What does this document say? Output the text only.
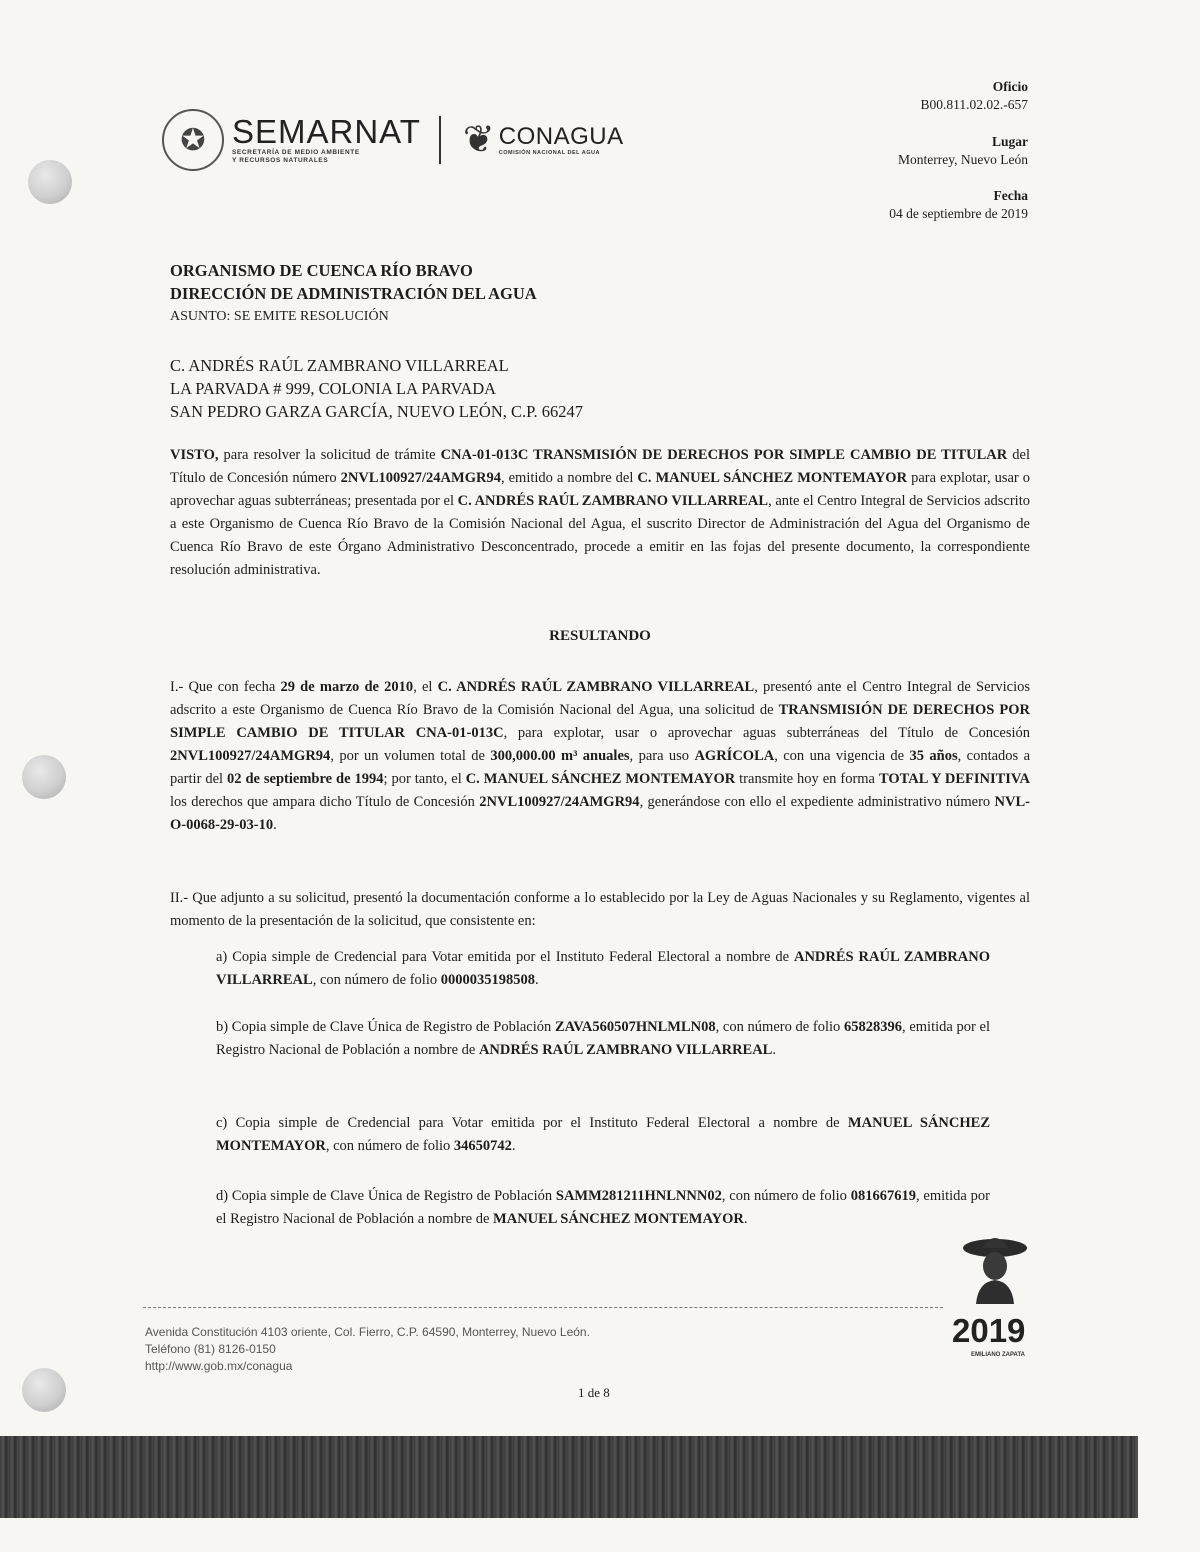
✪ SEMARNAT
SECRETARÍA DE MEDIO AMBIENTE
Y RECURSOS NATURALES	❦ CONAGUA
COMISIÓN NACIONAL DEL AGUA
Oficio
B00.811.02.02.-657
Lugar
Monterrey, Nuevo León
Fecha
04 de septiembre de 2019
ORGANISMO DE CUENCA RÍO BRAVO
DIRECCIÓN DE ADMINISTRACIÓN DEL AGUA
ASUNTO: SE EMITE RESOLUCIÓN
C. ANDRÉS RAÚL ZAMBRANO VILLARREAL
LA PARVADA # 999, COLONIA LA PARVADA
SAN PEDRO GARZA GARCÍA, NUEVO LEÓN, C.P. 66247
VISTO, para resolver la solicitud de trámite CNA-01-013C TRANSMISIÓN DE DERECHOS POR SIMPLE CAMBIO DE TITULAR del Título de Concesión número 2NVL100927/24AMGR94, emitido a nombre del C. MANUEL SÁNCHEZ MONTEMAYOR para explotar, usar o aprovechar aguas subterráneas; presentada por el C. ANDRÉS RAÚL ZAMBRANO VILLARREAL, ante el Centro Integral de Servicios adscrito a este Organismo de Cuenca Río Bravo de la Comisión Nacional del Agua, el suscrito Director de Administración del Agua del Organismo de Cuenca Río Bravo de este Órgano Administrativo Desconcentrado, procede a emitir en las fojas del presente documento, la correspondiente resolución administrativa.
RESULTANDO
I.- Que con fecha 29 de marzo de 2010, el C. ANDRÉS RAÚL ZAMBRANO VILLARREAL, presentó ante el Centro Integral de Servicios adscrito a este Organismo de Cuenca Río Bravo de la Comisión Nacional del Agua, una solicitud de TRANSMISIÓN DE DERECHOS POR SIMPLE CAMBIO DE TITULAR CNA-01-013C, para explotar, usar o aprovechar aguas subterráneas del Título de Concesión 2NVL100927/24AMGR94, por un volumen total de 300,000.00 m³ anuales, para uso AGRÍCOLA, con una vigencia de 35 años, contados a partir del 02 de septiembre de 1994; por tanto, el C. MANUEL SÁNCHEZ MONTEMAYOR transmite hoy en forma TOTAL Y DEFINITIVA los derechos que ampara dicho Título de Concesión 2NVL100927/24AMGR94, generándose con ello el expediente administrativo número NVL-O-0068-29-03-10.
II.- Que adjunto a su solicitud, presentó la documentación conforme a lo establecido por la Ley de Aguas Nacionales y su Reglamento, vigentes al momento de la presentación de la solicitud, que consistente en:
a) Copia simple de Credencial para Votar emitida por el Instituto Federal Electoral a nombre de ANDRÉS RAÚL ZAMBRANO VILLARREAL, con número de folio 0000035198508.
b) Copia simple de Clave Única de Registro de Población ZAVA560507HNLMLN08, con número de folio 65828396, emitida por el Registro Nacional de Población a nombre de ANDRÉS RAÚL ZAMBRANO VILLARREAL.
c) Copia simple de Credencial para Votar emitida por el Instituto Federal Electoral a nombre de MANUEL SÁNCHEZ MONTEMAYOR, con número de folio 34650742.
d) Copia simple de Clave Única de Registro de Población SAMM281211HNLNNN02, con número de folio 081667619, emitida por el Registro Nacional de Población a nombre de MANUEL SÁNCHEZ MONTEMAYOR.
2019
EMILIANO ZAPATA
Avenida Constitución 4103 oriente, Col. Fierro, C.P. 64590, Monterrey, Nuevo León.
Teléfono (81) 8126-0150
http://www.gob.mx/conagua
1 de 8
